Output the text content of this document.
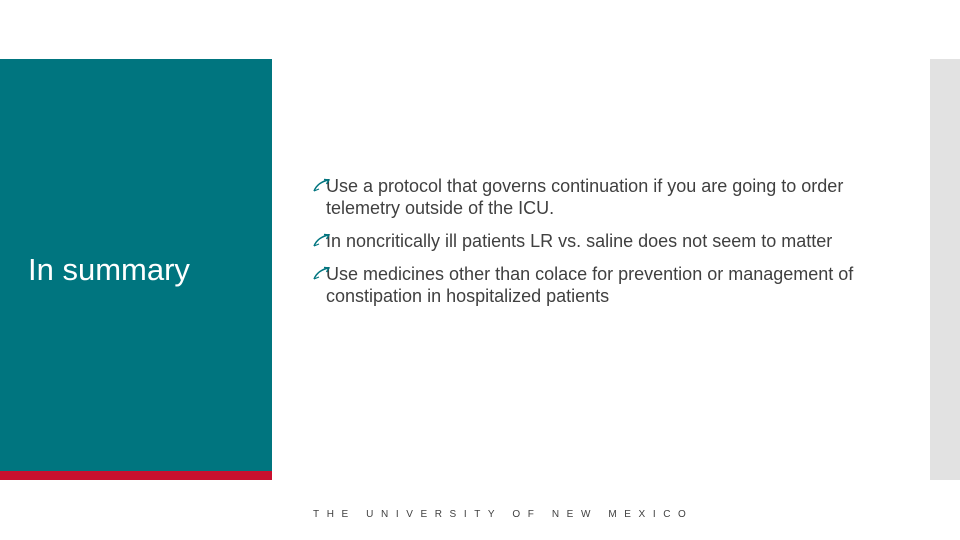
In summary
Use a protocol that governs continuation if you are going to order telemetry outside of the ICU.
In noncritically ill patients LR vs. saline does not seem to matter
Use medicines other than colace for prevention or management of constipation in hospitalized patients
THE UNIVERSITY OF NEW MEXICO
